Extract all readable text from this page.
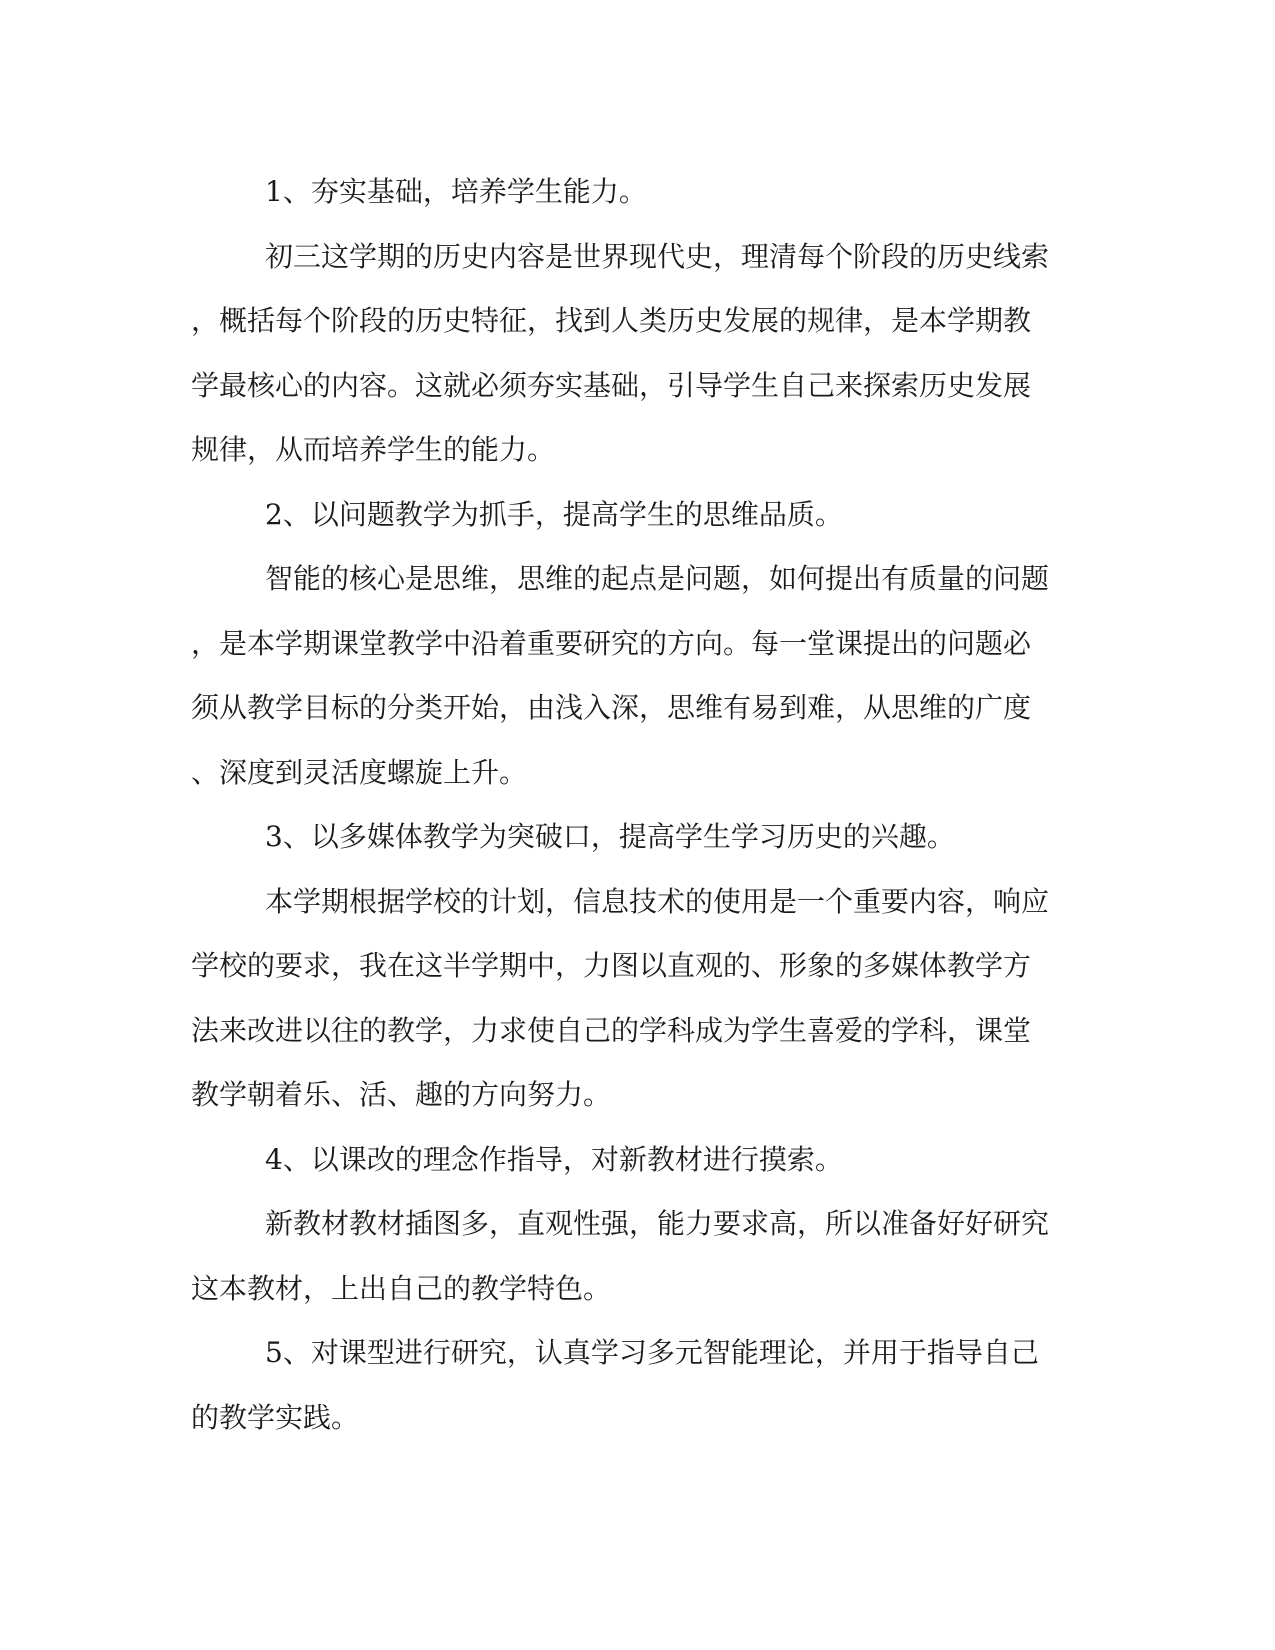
1、夯实基础，培养学生能力。
初三这学期的历史内容是世界现代史，理清每个阶段的历史线索
，概括每个阶段的历史特征，找到人类历史发展的规律，是本学期教
学最核心的内容。这就必须夯实基础，引导学生自己来探索历史发展
规律，从而培养学生的能力。
2、以问题教学为抓手，提高学生的思维品质。
智能的核心是思维，思维的起点是问题，如何提出有质量的问题
，是本学期课堂教学中沿着重要研究的方向。每一堂课提出的问题必
须从教学目标的分类开始，由浅入深，思维有易到难，从思维的广度
、深度到灵活度螺旋上升。
3、以多媒体教学为突破口，提高学生学习历史的兴趣。
本学期根据学校的计划，信息技术的使用是一个重要内容，响应
学校的要求，我在这半学期中，力图以直观的、形象的多媒体教学方
法来改进以往的教学，力求使自己的学科成为学生喜爱的学科，课堂
教学朝着乐、活、趣的方向努力。
4、以课改的理念作指导，对新教材进行摸索。
新教材教材插图多，直观性强，能力要求高，所以准备好好研究
这本教材，上出自己的教学特色。
5、对课型进行研究，认真学习多元智能理论，并用于指导自己
的教学实践。
